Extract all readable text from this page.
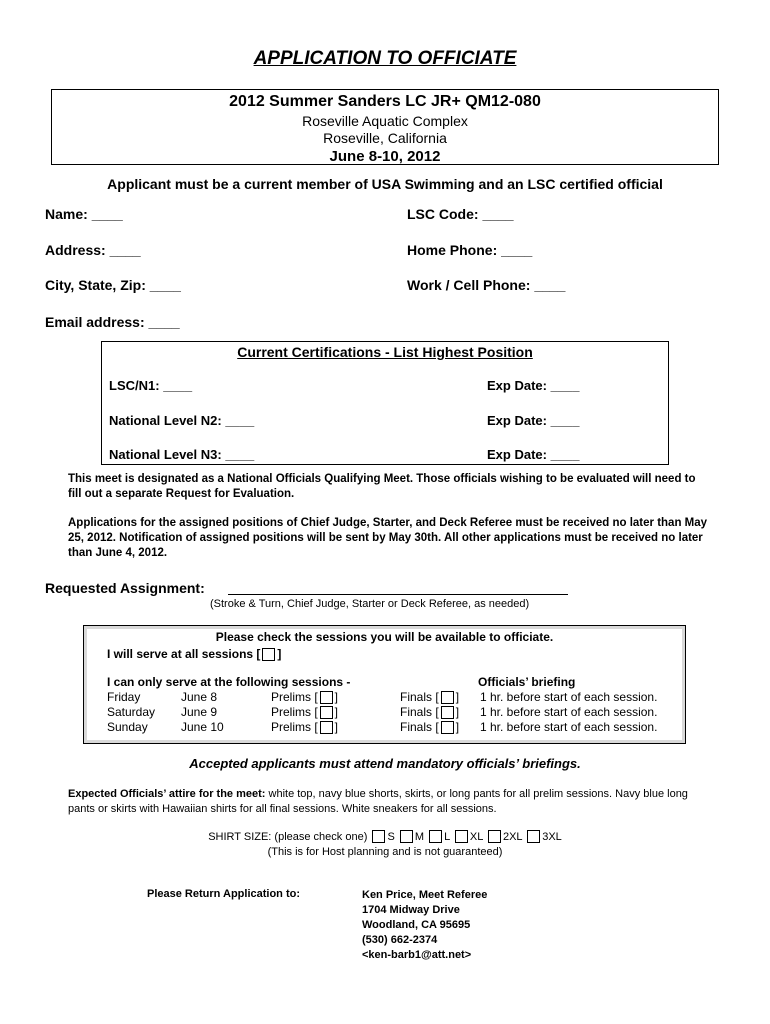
APPLICATION TO OFFICIATE
2012 Summer Sanders LC JR+ QM12-080
Roseville Aquatic Complex
Roseville, California
June 8-10, 2012
Applicant must be a current member of USA Swimming and an LSC certified official
Name: ____	LSC Code: ____
Address: ____	Home Phone: ____
City, State, Zip: ____	Work / Cell Phone: ____
Email address: ____
Current Certifications - List Highest Position
LSC/N1: ____	Exp Date: ____
National Level N2: ____	Exp Date: ____
National Level N3: ____	Exp Date: ____
This meet is designated as a National Officials Qualifying Meet. Those officials wishing to be evaluated will need to fill out a separate Request for Evaluation.
Applications for the assigned positions of Chief Judge, Starter, and Deck Referee must be received no later than May 25, 2012. Notification of assigned positions will be sent by May 30th. All other applications must be received no later than June 4, 2012.
Requested Assignment:
(Stroke & Turn, Chief Judge, Starter or Deck Referee, as needed)
Please check the sessions you will be available to officiate.
I will serve at all sessions [ ]
I can only serve at the following sessions -	Officials’ briefing
Friday	June 8	Prelims [ ]	Finals [ ] 1 hr. before start of each session.
Saturday June 9	Prelims [ ]	Finals [ ] 1 hr. before start of each session.
Sunday	June 10	Prelims [ ]	Finals [ ] 1 hr. before start of each session.
Accepted applicants must attend mandatory officials’ briefings.
Expected Officials’ attire for the meet: white top, navy blue shorts, skirts, or long pants for all prelim sessions. Navy blue long pants or skirts with Hawaiian shirts for all final sessions. White sneakers for all sessions.
SHIRT SIZE: (please check one) S M L XL 2XL 3XL
(This is for Host planning and is not guaranteed)
Please Return Application to:	Ken Price, Meet Referee
1704 Midway Drive
Woodland, CA 95695
(530) 662-2374
<ken-barb1@att.net>
